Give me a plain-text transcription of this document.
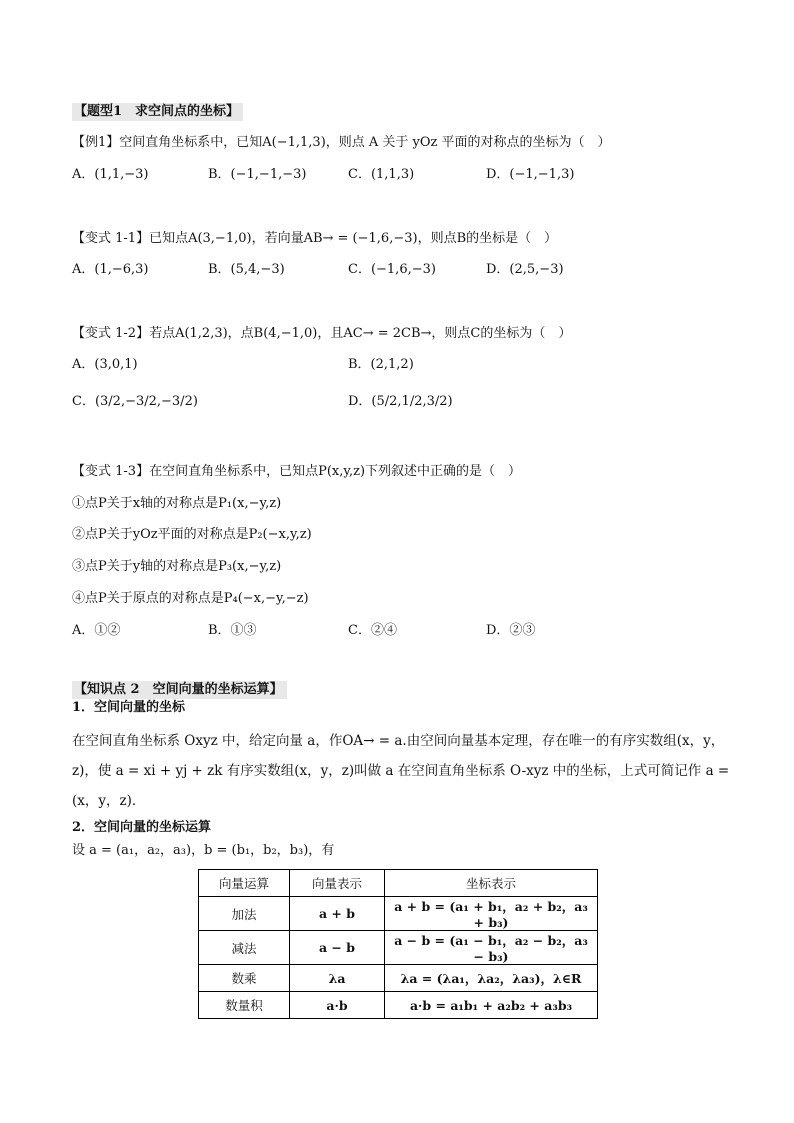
【题型1　求空间点的坐标】
【例1】空间直角坐标系中，已知A(−1,1,3)，则点 A 关于 yOz 平面的对称点的坐标为（　）
A．(1,1,−3)	B．(−1,−1,−3)	C．(1,1,3)	D．(−1,−1,3)
【变式 1-1】已知点A(3,−1,0)，若向量AB→ = (−1,6,−3)，则点B的坐标是（　）
A．(1,−6,3)	B．(5,4,−3)	C．(−1,6,−3)	D．(2,5,−3)
【变式 1-2】若点A(1,2,3)，点B(4,−1,0)，且AC→ = 2CB→，则点C的坐标为（　）
A．(3,0,1)	B．(2,1,2)
C．(3/2,−3/2,−3/2)	D．(5/2,1/2,3/2)
【变式 1-3】在空间直角坐标系中，已知点P(x,y,z)下列叙述中正确的是（　）
①点P关于x轴的对称点是P₁(x,−y,z)
②点P关于yOz平面的对称点是P₂(−x,y,z)
③点P关于y轴的对称点是P₃(x,−y,z)
④点P关于原点的对称点是P₄(−x,−y,−z)
A．①②	B．①③	C．②④	D．②③
【知识点 2　空间向量的坐标运算】
1．空间向量的坐标
在空间直角坐标系 Oxyz 中，给定向量 a，作OA→ = a.由空间向量基本定理，存在唯一的有序实数组(x，y，z)，使 a = xi + yj + zk 有序实数组(x，y，z)叫做 a 在空间直角坐标系 O-xyz 中的坐标，上式可简记作 a = (x，y，z)．
2．空间向量的坐标运算
设 a = (a₁，a₂，a₃)，b = (b₁，b₂，b₃)，有
向量运算	向量表示	坐标表示
加法	a + b	a + b = (a₁ + b₁，a₂ + b₂，a₃ + b₃)
减法	a − b	a − b = (a₁ − b₁，a₂ − b₂，a₃ − b₃)
数乘	λa	λa = (λa₁，λa₂，λa₃)，λ∈R
数量积	a·b	a·b = a₁b₁ + a₂b₂ + a₃b₃
